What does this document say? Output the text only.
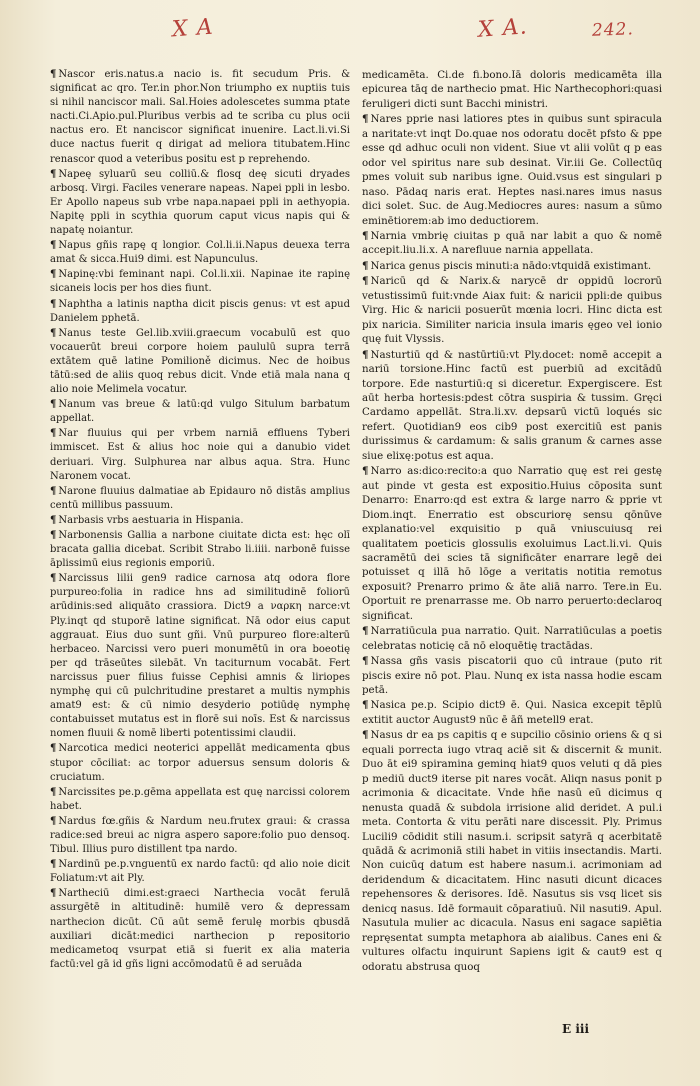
X A	X A.	242.

¶ Nascor eris.natus.a nacio is. fit secudum Pris. & significat ac qro. Ter.in phor.Non triumpho ex nuptiis tuis si nihil nanciscor mali. Sal.Hoies adolescetes summa ptate nacti.Ci.Apio.pul.Pluribus verbis ad te scriba cu plus ocii nactus ero. Et nanciscor significat inuenire. Lact.li.vi.Si duce nactus fuerit q dirigat ad meliora titubatem.Hinc renascor quod a veteribus positu est p reprehendo.

¶ Napeę syluarū seu colliū.& flosq deę sicuti dryades arbosq. Virgi. Faciles venerare napeas. Napei ppli in lesbo. Er Apollo napeus sub vrbe napa.napaei ppli in aethyopia. Napitę ppli in scythia quorum caput vicus napis qui & napatę noiantur.

¶ Napus gñis rapę q longior. Col.li.ii.Napus deuexa terra amat & sicca.Hui9 dimi. est Napunculus.

¶ Napinę:vbi feminant napi. Col.li.xii. Napinae ite rapinę sicaneis locis per hos dies fiunt.

¶ Naphtha a latinis naptha dicit piscis genus: vt est apud Danielem pphetā.

¶ Nanus teste Gel.lib.xviii.graecum vocabulū est quo vocauerūt breui corpore hoiem paululū supra terrā extātem quē latine Pomilioně dicimus. Nec de hoibus tātū:sed de aliis quoq rebus dicit. Vnde etiā mala nana q alio noie Melimela vocatur.

¶ Nanum vas breue & latū:qd vulgo Situlum barbatum appellat.

¶ Nar fluuius qui per vrbem narniā effluens Tyberi immiscet. Est & alius hoc noie qui a danubio videt deriuari. Virg. Sulphurea nar albus aqua. Stra. Hunc Naronem vocat.

¶ Narone fluuius dalmatiae ab Epidauro nō distās amplius centū millibus passuum.

¶ Narbasis vrbs aestuaria in Hispania.

¶ Narbonensis Gallia a narbone ciuitate dicta est: hęc olī bracata gallia dicebat. Scribit Strabo li.iiii. narbonē fuisse āplissimū eius regionis emporiū.

¶ Narcissus lilii gen9 radice carnosa atq odora flore purpureo:folia in radice hns ad similitudinē foliorū arūdinis:sed aliquāto crassiora. Dict9 a ναρκη narce:vt Ply.inqt qd stuporē latine significat. Nā odor eius caput aggrauat. Eius duo sunt gñi. Vnū purpureo flore:alterū herbaceo. Narcissi vero pueri monumētū in ora boeotię per qd trāseūtes silebāt. Vn taciturnum vocabāt. Fert narcissus puer filius fuisse Cephisi amnis & liriopes nymphę qui cū pulchritudine prestaret a multis nymphis amat9 est: & cū nimio desyderio potiūdę nymphę contabuisset mutatus est in florē sui noīs. Est & narcissus nomen fluuii & nomē liberti potentissimi claudii.

¶ Narcotica medici neoterici appellāt medicamenta qbus stupor cōciliat: ac torpor aduersus sensum doloris & cruciatum.

¶ Narcissites pe.p.gēma appellata est quę narcissi colorem habet.

¶ Nardus fœ.gñis & Nardum neu.frutex graui: & crassa radice:sed breui ac nigra aspero sapore:folio puo densoq. Tibul. Illius puro distillent tpa nardo.

¶ Nardinū pe.p.vnguentū ex nardo factū: qd alio noie dicit Foliatum:vt ait Ply.

¶ Nartheciū dimi.est:graeci Narthecia vocāt ferulā assurgētē in altitudinē: humilē vero & depressam narthecion dicūt. Cū aūt semē ferulę morbis qbusdā auxiliari dicāt:medici narthecion p repositorio medicametoq vsurpat etiā si fuerit ex alia materia factū:vel gā id gñs ligni accōmodatū ē ad seruāda

medicamēta. Ci.de fi.bono.Iā doloris medicamēta illa epicurea tāq de narthecio pmat. Hic Narthecophori:quasi feruligeri dicti sunt Bacchi ministri.

¶ Nares pprie nasi latiores ptes in quibus sunt spiracula a naritate:vt inqt Do.quae nos odoratu docēt pfsto & ppe esse qd adhuc oculi non vident. Siue vt alii volūt q p eas odor vel spiritus nare sub desinat. Vir.iii Ge. Collectūq pmes voluit sub naribus igne. Ouid.vsus est singulari p naso. Pādaq naris erat. Heptes nasi.nares imus nasus dici solet. Suc. de Aug.Mediocres aures: nasum a sūmo eminētiorem:ab imo deductiorem.

¶ Narnia vmbrię ciuitas p quā nar labit a quo & nomē accepit.liu.li.x. A narefluue narnia appellata.

¶ Narica genus piscis minuti:a nādo:vtquidā existimant.

¶ Naricū qd & Narix.& narycē dr oppidū locrorū vetustissimū fuit:vnde Aiax fuit: & naricii ppli:de quibus Virg. Hic & naricii posuerūt mœnia locri. Hinc dicta est pix naricia. Similiter naricia insula imaris ęgeo vel ionio quę fuit Vlyssis.

¶ Nasturtiū qd & nastūrtiū:vt Ply.docet: nomē accepit a nariū torsione.Hinc factū est puerbiū ad excitādū torpore. Ede nasturtiū:q si diceretur. Expergiscere. Est aūt herba hortesis:pdest cōtra suspiria & tussim. Gręci Cardamo appellāt. Stra.li.xv. depsarū victū loqués sic refert. Quotidian9 eos cib9 post exercitiū est panis durissimus & cardamum: & salis granum & carnes asse siue elixę:potus est aqua.

¶ Narro as:dico:recito:a quo Narratio quę est rei gestę aut pinde vt gesta est expositio.Huius cōposita sunt Denarro: Enarro:qd est extra & large narro & pprie vt Diom.inqt. Enerratio est obscuriorę sensu qōnūve explanatio:vel exquisitio p quā vniuscuiusq rei qualitatem poeticis glossulis exoluimus Lact.li.vi. Quis sacramētū dei scies tā significāter enarrare legē dei potuisset q illā hō lōge a veritatis notitia remotus exposuit? Prenarro primo & āte aliā narro. Tere.in Eu. Oportuit re prenarrasse me. Ob narro peruerto:declaroq significat.

¶ Narratiūcula pua narratio. Quit. Narratiūculas a poetis celebratas noticię cā nō eloquētię tractādas.

¶ Nassa gñs vasis piscatorii quo cū intraue (puto rit piscis exire nō pot. Plau. Nunq ex ista nassa hodie escam petā.

¶ Nasica pe.p. Scipio dict9 ē. Qui. Nasica excepit tēplū extitit auctor August9 nūc ē āñ metell9 erat.

¶ Nasus dr ea ps capitis q e supcilio cōsinio oriens & q si equali porrecta iugo vtraq aciē sit & discernit & munit. Duo āt ei9 spiramina geminq hiat9 quos veluti q dā pies p mediū duct9 iterse pit nares vocāt. Aliqn nasus ponit p acrimonia & dicacitate. Vnde hñe nasū eū dicimus q nenusta quadā & subdola irrisione alid deridet. A pul.i meta. Contorta & vitu perāti nare discessit. Ply. Primus Lucili9 cōdidit stili nasum.i. scripsit satyrā q acerbitatē quādā & acrimoniā stili habet in vitiis insectandis. Marti. Non cuicūq datum est habere nasum.i. acrimoniam ad deridendum & dicacitatem. Hinc nasuti dicunt dicaces repehensores & derisores. Idē. Nasutus sis vsq licet sis denicq nasus. Idē formauit cōparatiuū. Nil nasuti9. Apul. Nasutula mulier ac dicacula. Nasus eni sagace sapiētia repręsentat sumpta metaphora ab aialibus. Canes eni & vultures olfactu inquirunt Sapiens igit & caut9 est q odoratu abstrusa quoq

E iii
